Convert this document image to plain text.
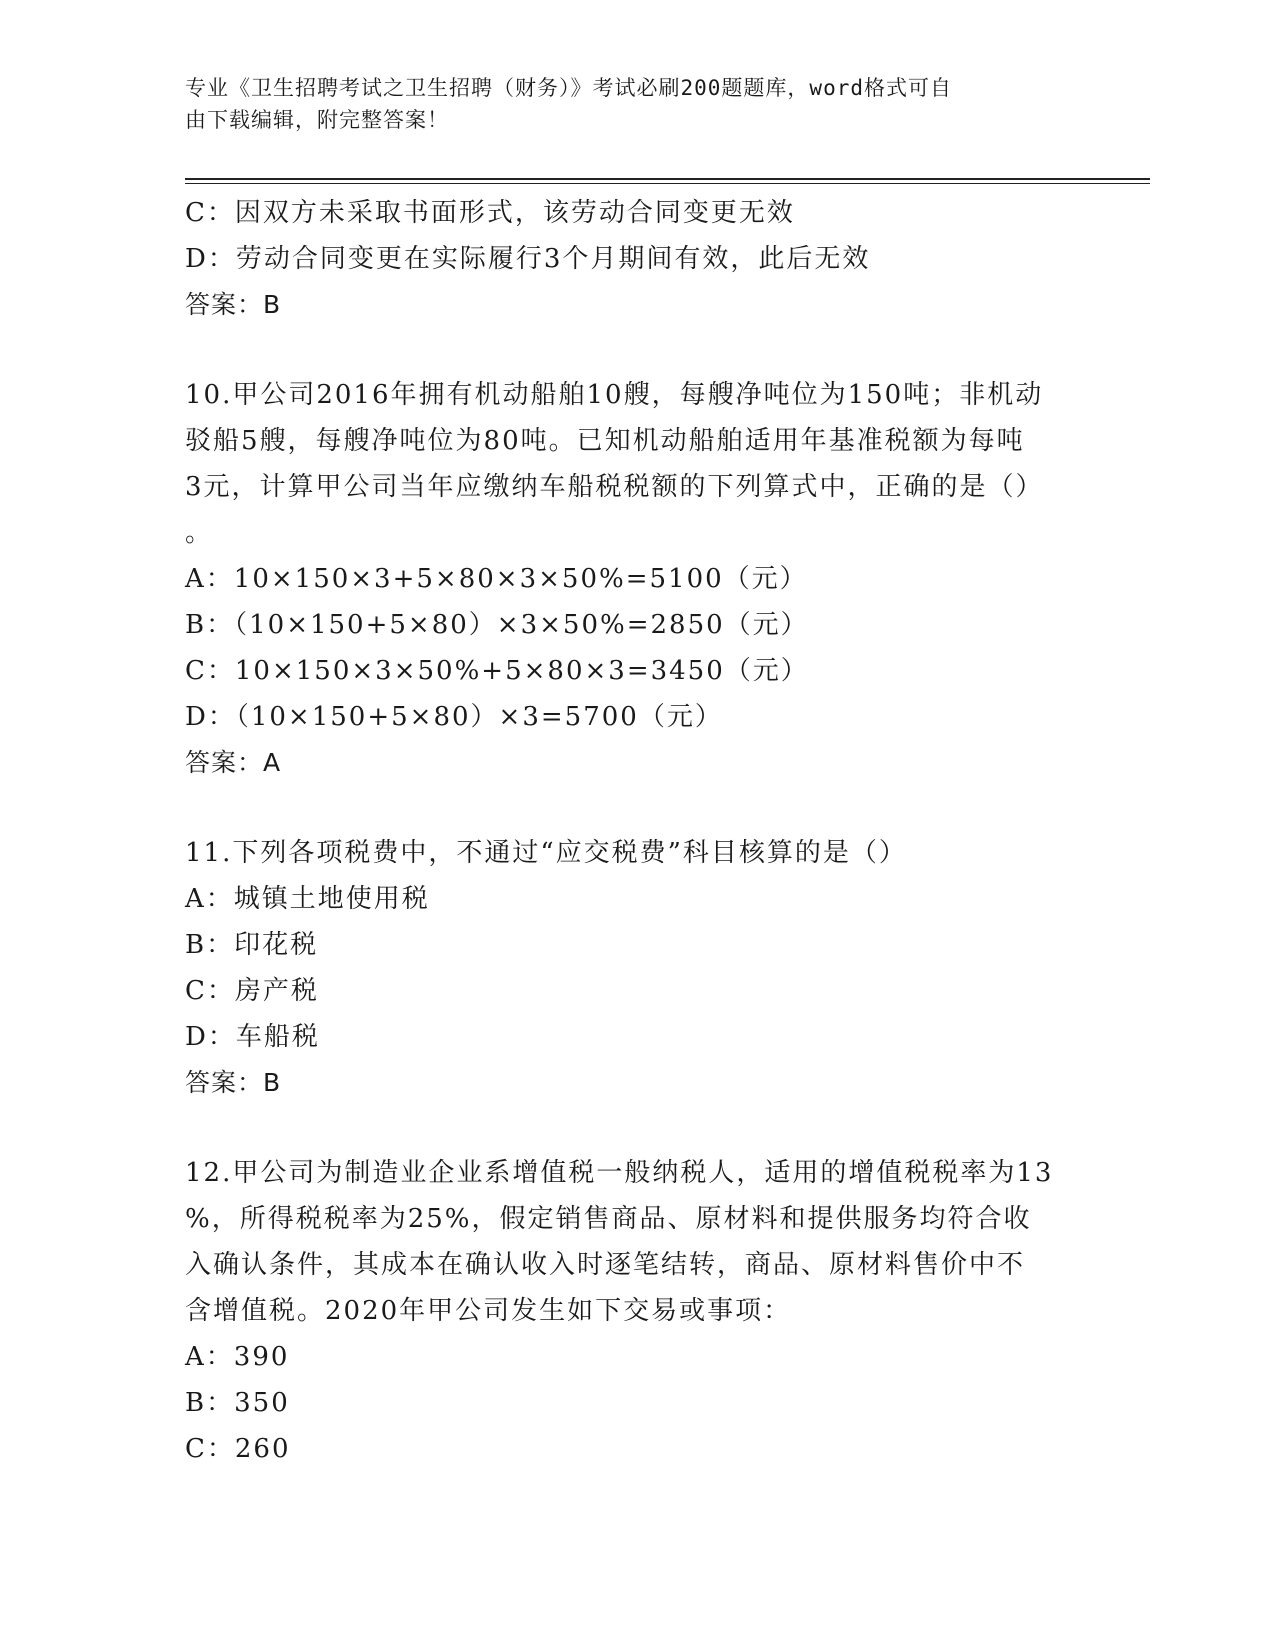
专业《卫生招聘考试之卫生招聘（财务）》考试必刷200题题库，word格式可自
由下载编辑，附完整答案！
C：因双方未采取书面形式，该劳动合同变更无效
D：劳动合同变更在实际履行3个月期间有效，此后无效
答案：B
10.甲公司2016年拥有机动船舶10艘，每艘净吨位为150吨；非机动
驳船5艘，每艘净吨位为80吨。已知机动船舶适用年基准税额为每吨
3元，计算甲公司当年应缴纳车船税税额的下列算式中，正确的是（）
。
A：10×150×3+5×80×3×50%=5100（元）
B：（10×150+5×80）×3×50%=2850（元）
C：10×150×3×50%+5×80×3=3450（元）
D：（10×150+5×80）×3=5700（元）
答案：A
11.下列各项税费中，不通过“应交税费”科目核算的是（）
A：城镇土地使用税
B：印花税
C：房产税
D：车船税
答案：B
12.甲公司为制造业企业系增值税一般纳税人，适用的增值税税率为13
%，所得税税率为25%，假定销售商品、原材料和提供服务均符合收
入确认条件，其成本在确认收入时逐笔结转，商品、原材料售价中不
含增值税。2020年甲公司发生如下交易或事项：
A：390
B：350
C：260
